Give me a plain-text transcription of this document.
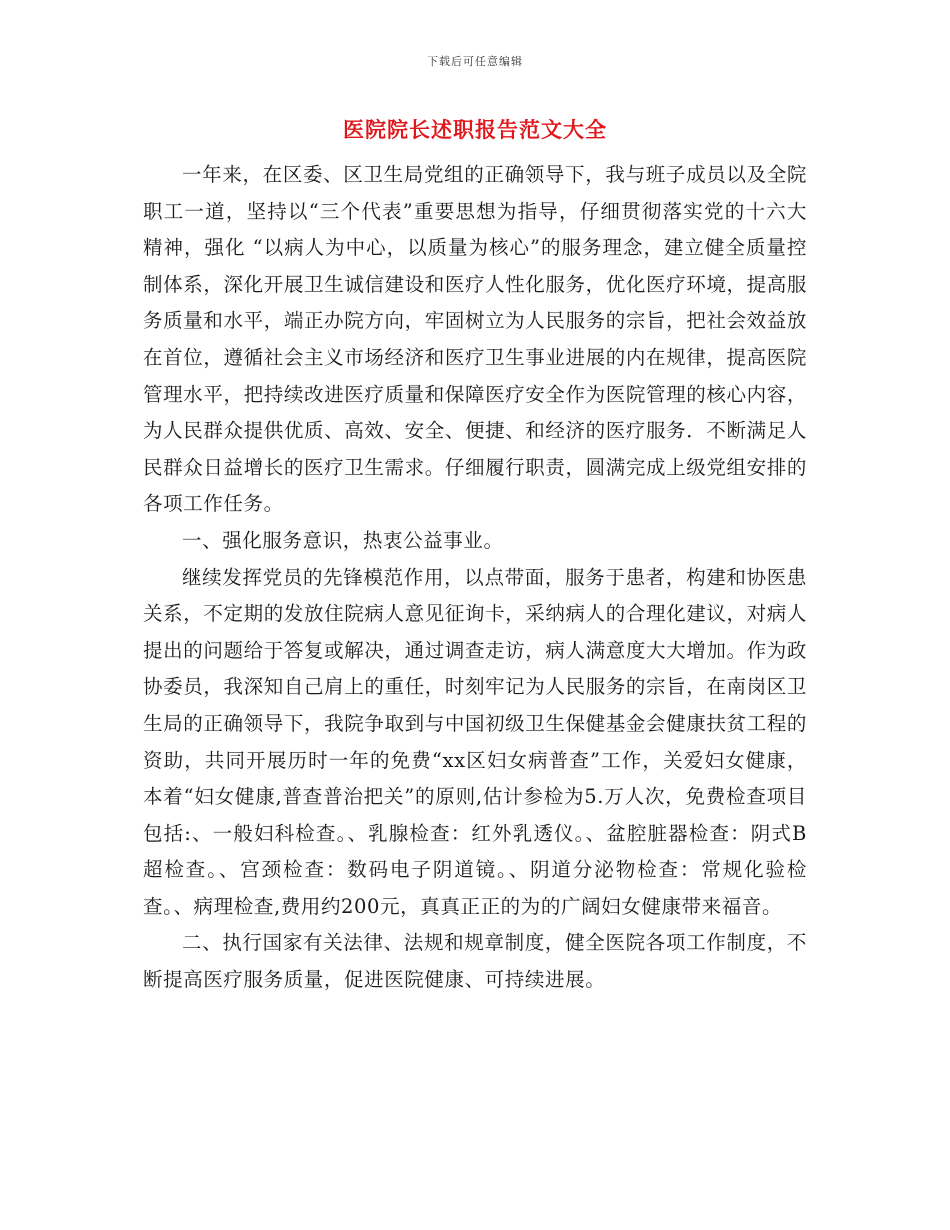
下载后可任意编辑
医院院长述职报告范文大全

一年来，在区委、区卫生局党组的正确领导下，我与班子成员以及全院职工一道，坚持以“三个代表”重要思想为指导，仔细贯彻落实党的十六大精神，强化 “以病人为中心，以质量为核心”的服务理念，建立健全质量控制体系，深化开展卫生诚信建设和医疗人性化服务，优化医疗环境，提高服务质量和水平，端正办院方向，牢固树立为人民服务的宗旨，把社会效益放在首位，遵循社会主义市场经济和医疗卫生事业进展的内在规律，提高医院管理水平，把持续改进医疗质量和保障医疗安全作为医院管理的核心内容，为人民群众提供优质、高效、安全、便捷、和经济的医疗服务．不断满足人民群众日益增长的医疗卫生需求。仔细履行职责，圆满完成上级党组安排的各项工作任务。

一、强化服务意识，热衷公益事业。

继续发挥党员的先锋模范作用，以点带面，服务于患者，构建和协医患关系，不定期的发放住院病人意见征询卡，采纳病人的合理化建议，对病人提出的问题给于答复或解决，通过调查走访，病人满意度大大增加。作为政协委员，我深知自己肩上的重任，时刻牢记为人民服务的宗旨，在南岗区卫生局的正确领导下，我院争取到与中国初级卫生保健基金会健康扶贫工程的资助，共同开展历时一年的免费“xx区妇女病普查”工作，关爱妇女健康，本着“妇女健康,普查普治把关”的原则,估计参检为5.万人次，免费检查项目包括:、一般妇科检查。、乳腺检查：红外乳透仪。、盆腔脏器检查：阴式B超检查。、宫颈检查：数码电子阴道镜。、阴道分泌物检查：常规化验检查。、病理检查,费用约200元，真真正正的为的广阔妇女健康带来福音。

二、执行国家有关法律、法规和规章制度，健全医院各项工作制度，不断提高医疗服务质量，促进医院健康、可持续进展。
